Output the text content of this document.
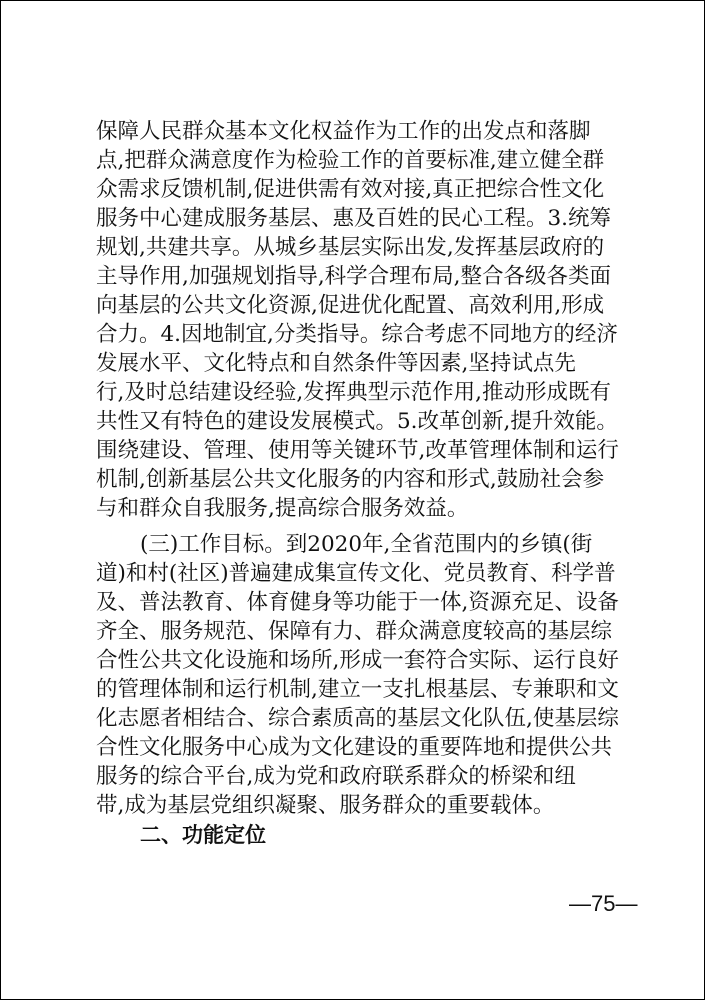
保障人民群众基本文化权益作为工作的出发点和落脚
点,把群众满意度作为检验工作的首要标准,建立健全群
众需求反馈机制,促进供需有效对接,真正把综合性文化
服务中心建成服务基层、惠及百姓的民心工程。3.统筹
规划,共建共享。从城乡基层实际出发,发挥基层政府的
主导作用,加强规划指导,科学合理布局,整合各级各类面
向基层的公共文化资源,促进优化配置、高效利用,形成
合力。4.因地制宜,分类指导。综合考虑不同地方的经济
发展水平、文化特点和自然条件等因素,坚持试点先
行,及时总结建设经验,发挥典型示范作用,推动形成既有
共性又有特色的建设发展模式。5.改革创新,提升效能。
围绕建设、管理、使用等关键环节,改革管理体制和运行
机制,创新基层公共文化服务的内容和形式,鼓励社会参
与和群众自我服务,提高综合服务效益。
(三)工作目标。到2020年,全省范围内的乡镇(街
道)和村(社区)普遍建成集宣传文化、党员教育、科学普
及、普法教育、体育健身等功能于一体,资源充足、设备
齐全、服务规范、保障有力、群众满意度较高的基层综
合性公共文化设施和场所,形成一套符合实际、运行良好
的管理体制和运行机制,建立一支扎根基层、专兼职和文
化志愿者相结合、综合素质高的基层文化队伍,使基层综
合性文化服务中心成为文化建设的重要阵地和提供公共
服务的综合平台,成为党和政府联系群众的桥梁和纽
带,成为基层党组织凝聚、服务群众的重要载体。
二、功能定位
—75—
